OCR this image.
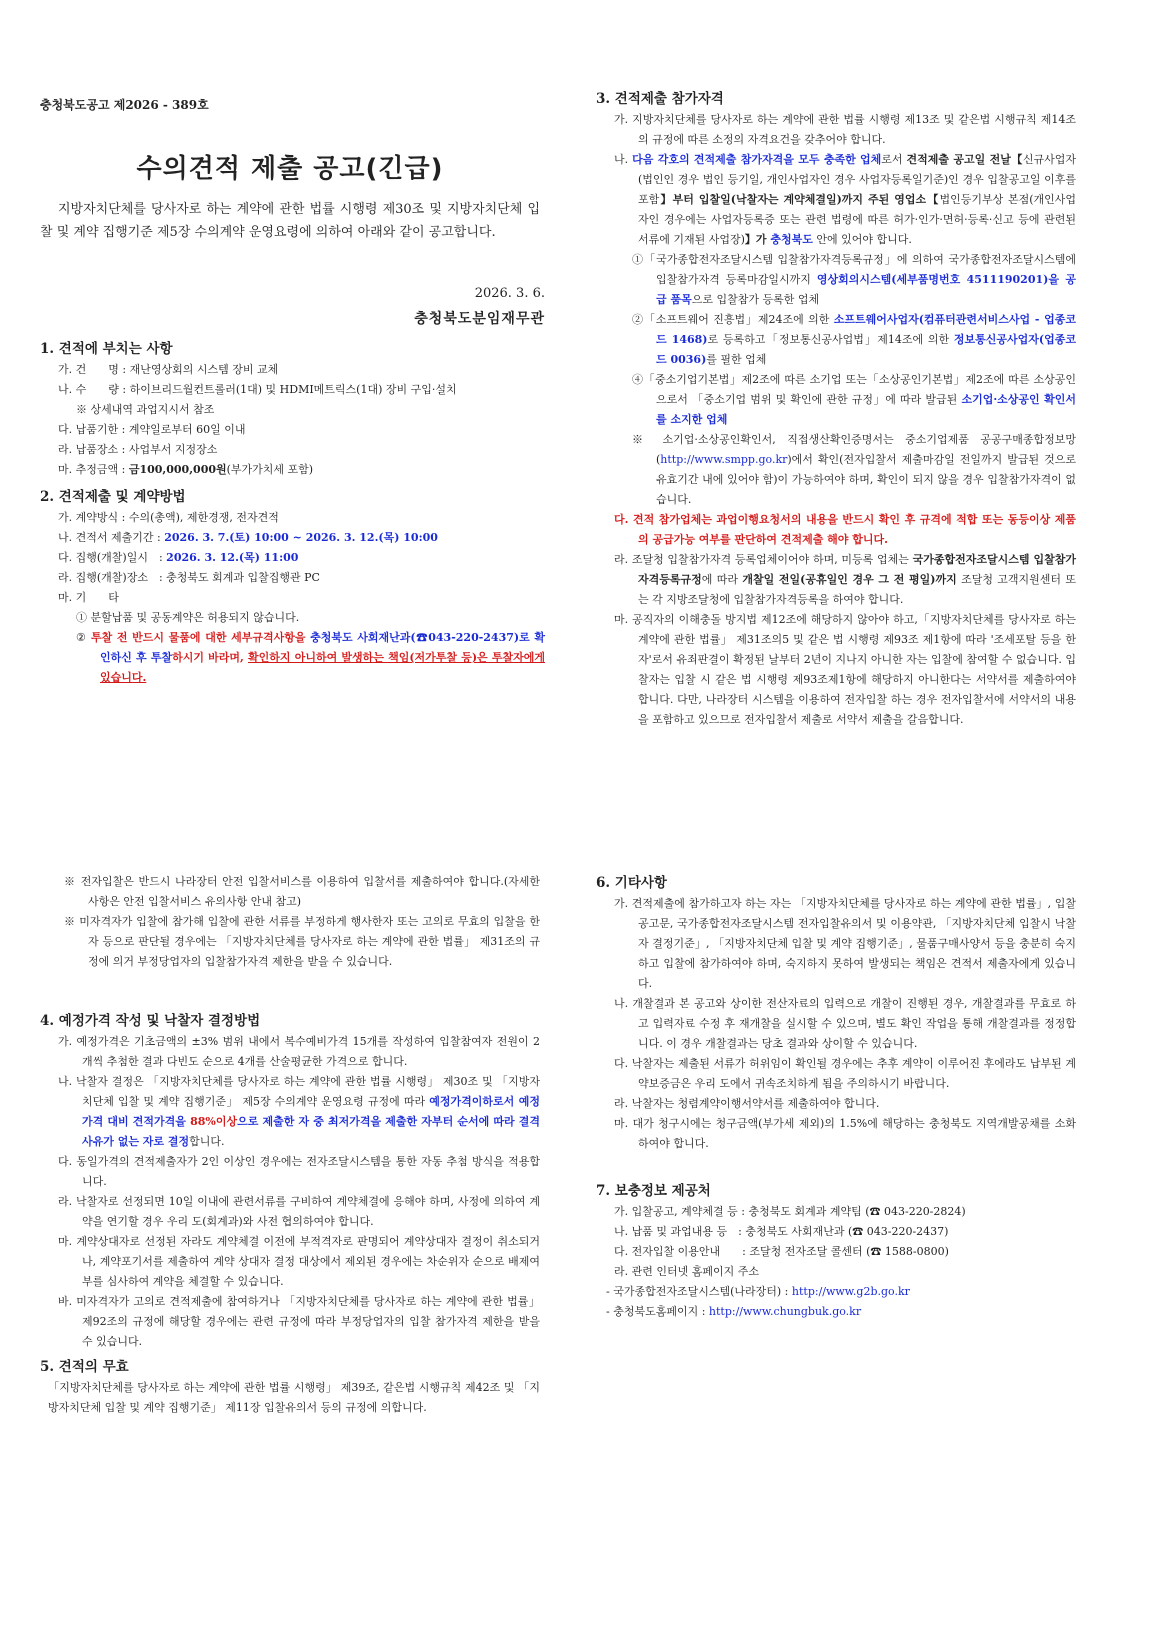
충청북도공고 제2026 - 389호
수의견적 제출 공고(긴급)
지방자치단체를 당사자로 하는 계약에 관한 법률 시행령 제30조 및 지방자치단체 입찰 및 계약 집행기준 제5장 수의계약 운영요령에 의하여 아래와 같이 공고합니다.
2026. 3. 6.
충청북도분임재무관

1. 견적에 부치는 사항

가. 건　　명 : 재난영상회의 시스템 장비 교체
나. 수　　량 : 하이브리드월컨트롤러(1대) 및 HDMI메트릭스(1대) 장비 구입·설치
※ 상세내역 과업지시서 참조
다. 납품기한 : 계약일로부터 60일 이내
라. 납품장소 : 사업부서 지정장소
마. 추정금액 : 금100,000,000원(부가가치세 포함)

2. 견적제출 및 계약방법

가. 계약방식 : 수의(총액), 제한경쟁, 전자견적
나. 견적서 제출기간 : 2026. 3. 7.(토) 10:00 ~ 2026. 3. 12.(목) 10:00
다. 집행(개찰)일시　: 2026. 3. 12.(목) 11:00
라. 집행(개찰)장소　: 충청북도 회계과 입찰집행관 PC
마. 기　　타
① 분할납품 및 공동계약은 허용되지 않습니다.
② 투찰 전 반드시 물품에 대한 세부규격사항을 충청북도 사회재난과(☎043-220-2437)로 확인하신 후 투찰하시기 바라며, 확인하지 아니하여 발생하는 책임(저가투찰 등)은 투찰자에게 있습니다.

3. 견적제출 참가자격

가. 지방자치단체를 당사자로 하는 계약에 관한 법률 시행령 제13조 및 같은법 시행규칙 제14조의 규정에 따른 소정의 자격요건을 갖추어야 합니다.
나. 다음 각호의 견적제출 참가자격을 모두 충족한 업체로서 견적제출 공고일 전날【신규사업자(법인인 경우 법인 등기일, 개인사업자인 경우 사업자등록일기준)인 경우 입찰공고일 이후를 포함】부터 입찰일(낙찰자는 계약체결일)까지 주된 영업소【법인등기부상 본점(개인사업자인 경우에는 사업자등록증 또는 관련 법령에 따른 허가·인가·면허·등록·신고 등에 관련된 서류에 기재된 사업장)】가 충청북도 안에 있어야 합니다.
①「국가종합전자조달시스템 입찰참가자격등록규정」에 의하여 국가종합전자조달시스템에 입찰참가자격 등록마감일시까지 영상회의시스템(세부품명번호 4511190201)을 공급 품목으로 입찰참가 등록한 업체
②「소프트웨어 진흥법」제24조에 의한 소프트웨어사업자(컴퓨터관련서비스사업 - 업종코드 1468)로 등록하고「정보통신공사업법」제14조에 의한 정보통신공사업자(업종코드 0036)를 필한 업체
④「중소기업기본법」제2조에 따른 소기업 또는「소상공인기본법」제2조에 따른 소상공인으로서 「중소기업 범위 및 확인에 관한 규정」에 따라 발급된 소기업·소상공인 확인서를 소지한 업체
※ 소기업·소상공인확인서, 직접생산확인증명서는 중소기업제품 공공구매종합정보망(http://www.smpp.go.kr)에서 확인(전자입찰서 제출마감일 전일까지 발급된 것으로 유효기간 내에 있어야 함)이 가능하여야 하며, 확인이 되지 않을 경우 입찰참가자격이 없습니다.
다. 견적 참가업체는 과업이행요청서의 내용을 반드시 확인 후 규격에 적합 또는 동등이상 제품의 공급가능 여부를 판단하여 견적제출 해야 합니다.
라. 조달청 입찰참가자격 등록업체이어야 하며, 미등록 업체는 국가종합전자조달시스템 입찰참가자격등록규정에 따라 개찰일 전일(공휴일인 경우 그 전 평일)까지 조달청 고객지원센터 또는 각 지방조달청에 입찰참가자격등록을 하여야 합니다.
마. 공직자의 이해충돌 방지법 제12조에 해당하지 않아야 하고,「지방자치단체를 당사자로 하는 계약에 관한 법률」 제31조의5 및 같은 법 시행령 제93조 제1항에 따라 '조세포탈 등을 한 자'로서 유죄판결이 확정된 날부터 2년이 지나지 아니한 자는 입찰에 참여할 수 없습니다. 입찰자는 입찰 시 같은 법 시행령 제93조제1항에 해당하지 아니한다는 서약서를 제출하여야 합니다. 다만, 나라장터 시스템을 이용하여 전자입찰 하는 경우 전자입찰서에 서약서의 내용을 포함하고 있으므로 전자입찰서 제출로 서약서 제출을 갈음합니다.
※ 전자입찰은 반드시 나라장터 안전 입찰서비스를 이용하여 입찰서를 제출하여야 합니다.(자세한 사항은 안전 입찰서비스 유의사항 안내 참고)
※ 미자격자가 입찰에 참가해 입찰에 관한 서류를 부정하게 행사한자 또는 고의로 무효의 입찰을 한 자 등으로 판단될 경우에는 「지방자치단체를 당사자로 하는 계약에 관한 법률」 제31조의 규정에 의거 부정당업자의 입찰참가자격 제한을 받을 수 있습니다.

4. 예정가격 작성 및 낙찰자 결정방법

가. 예정가격은 기초금액의 ±3% 범위 내에서 복수예비가격 15개를 작성하여 입찰참여자 전원이 2개씩 추첨한 결과 다빈도 순으로 4개를 산술평균한 가격으로 합니다.
나. 낙찰자 결정은 「지방자치단체를 당사자로 하는 계약에 관한 법률 시행령」 제30조 및 「지방자치단체 입찰 및 계약 집행기준」 제5장 수의계약 운영요령 규정에 따라 예정가격이하로서 예정가격 대비 견적가격을 88%이상으로 제출한 자 중 최저가격을 제출한 자부터 순서에 따라 결격사유가 없는 자로 결정합니다.
다. 동일가격의 견적제출자가 2인 이상인 경우에는 전자조달시스템을 통한 자동 추첨 방식을 적용합니다.
라. 낙찰자로 선정되면 10일 이내에 관련서류를 구비하여 계약체결에 응해야 하며, 사정에 의하여 계약을 연기할 경우 우리 도(회계과)와 사전 협의하여야 합니다.
마. 계약상대자로 선정된 자라도 계약체결 이전에 부적격자로 판명되어 계약상대자 결정이 취소되거나, 계약포기서를 제출하여 계약 상대자 결정 대상에서 제외된 경우에는 차순위자 순으로 배제여부를 심사하여 계약을 체결할 수 있습니다.
바. 미자격자가 고의로 견적제출에 참여하거나 「지방자치단체를 당사자로 하는 계약에 관한 법률」 제92조의 규정에 해당할 경우에는 관련 규정에 따라 부정당업자의 입찰 참가자격 제한을 받을 수 있습니다.

5. 견적의 무효

「지방자치단체를 당사자로 하는 계약에 관한 법률 시행령」 제39조, 같은법 시행규칙 제42조 및 「지방자치단체 입찰 및 계약 집행기준」 제11장 입찰유의서 등의 규정에 의합니다.

6. 기타사항

가. 견적제출에 참가하고자 하는 자는 「지방자치단체를 당사자로 하는 계약에 관한 법률」, 입찰 공고문, 국가종합전자조달시스템 전자입찰유의서 및 이용약관, 「지방자치단체 입찰시 낙찰자 결정기준」, 「지방자치단체 입찰 및 계약 집행기준」, 물품구매사양서 등을 충분히 숙지하고 입찰에 참가하여야 하며, 숙지하지 못하여 발생되는 책임은 견적서 제출자에게 있습니다.
나. 개찰결과 본 공고와 상이한 전산자료의 입력으로 개찰이 진행된 경우, 개찰결과를 무효로 하고 입력자료 수정 후 재개찰을 실시할 수 있으며, 별도 확인 작업을 통해 개찰결과를 정정합니다. 이 경우 개찰결과는 당초 결과와 상이할 수 있습니다.
다. 낙찰자는 제출된 서류가 허위임이 확인될 경우에는 추후 계약이 이루어진 후에라도 납부된 계약보증금은 우리 도에서 귀속조치하게 됨을 주의하시기 바랍니다.
라. 낙찰자는 청렴계약이행서약서를 제출하여야 합니다.
마. 대가 청구시에는 청구금액(부가세 제외)의 1.5%에 해당하는 충청북도 지역개발공채를 소화하여야 합니다.

7. 보충정보 제공처

가. 입찰공고, 계약체결 등 : 충청북도 회계과 계약팀 (☎ 043-220-2824)
나. 납품 및 과업내용 등　: 충청북도 사회재난과 (☎ 043-220-2437)
다. 전자입찰 이용안내　　: 조달청 전자조달 콜센터 (☎ 1588-0800)
라. 관련 인터넷 홈페이지 주소
- 국가종합전자조달시스템(나라장터) : http://www.g2b.go.kr
- 충청북도홈페이지 : http://www.chungbuk.go.kr
